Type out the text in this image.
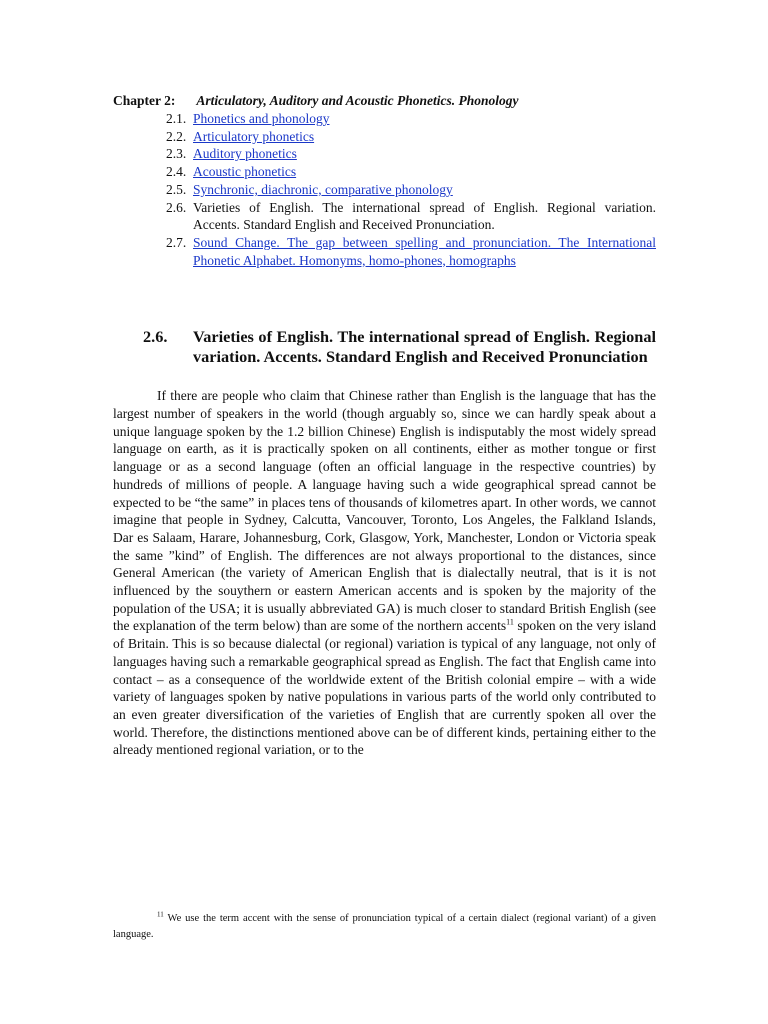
Chapter 2: Articulatory, Auditory and Acoustic Phonetics. Phonology

2.1. Phonetics and phonology
2.2. Articulatory phonetics
2.3. Auditory phonetics
2.4. Acoustic phonetics
2.5. Synchronic, diachronic, comparative phonology
2.6. Varieties of English. The international spread of English. Regional variation. Accents. Standard English and Received Pronunciation.
2.7. Sound Change. The gap between spelling and pronunciation. The International Phonetic Alphabet. Homonyms, homo-phones, homographs
2.6.	Varieties of English. The international spread of English. Regional variation. Accents. Standard English and Received Pronunciation

If there are people who claim that Chinese rather than English is the language that has the largest number of speakers in the world (though arguably so, since we can hardly speak about a unique language spoken by the 1.2 billion Chinese) English is indisputably the most widely spread language on earth, as it is practically spoken on all continents, either as mother tongue or first language or as a second language (often an official language in the respective countries) by hundreds of millions of people. A language having such a wide geographical spread cannot be expected to be “the same” in places tens of thousands of kilometres apart. In other words, we cannot imagine that people in Sydney, Calcutta, Vancouver, Toronto, Los Angeles, the Falkland Islands, Dar es Salaam, Harare, Johannesburg, Cork, Glasgow, York, Manchester, London or Victoria speak the same ”kind” of English. The differences are not always proportional to the distances, since General American (the variety of American English that is dialectally neutral, that is it is not influenced by the souythern or eastern American accents and is spoken by the majority of the population of the USA; it is usually abbreviated GA) is much closer to standard British English (see the explanation of the term below) than are some of the northern accents$^{11}$ spoken on the very island of Britain. This is so because dialectal (or regional) variation is typical of any language, not only of languages having such a remarkable geographical spread as English. The fact that English came into contact – as a consequence of the worldwide extent of the British colonial empire – with a wide variety of languages spoken by native populations in various parts of the world only contributed to an even greater diversification of the varieties of English that are currently spoken all over the world. Therefore, the distinctions mentioned above can be of different kinds, pertaining either to the already mentioned regional variation, or to the

$^{11}$ We use the term accent with the sense of pronunciation typical of a certain dialect (regional variant) of a given language.
